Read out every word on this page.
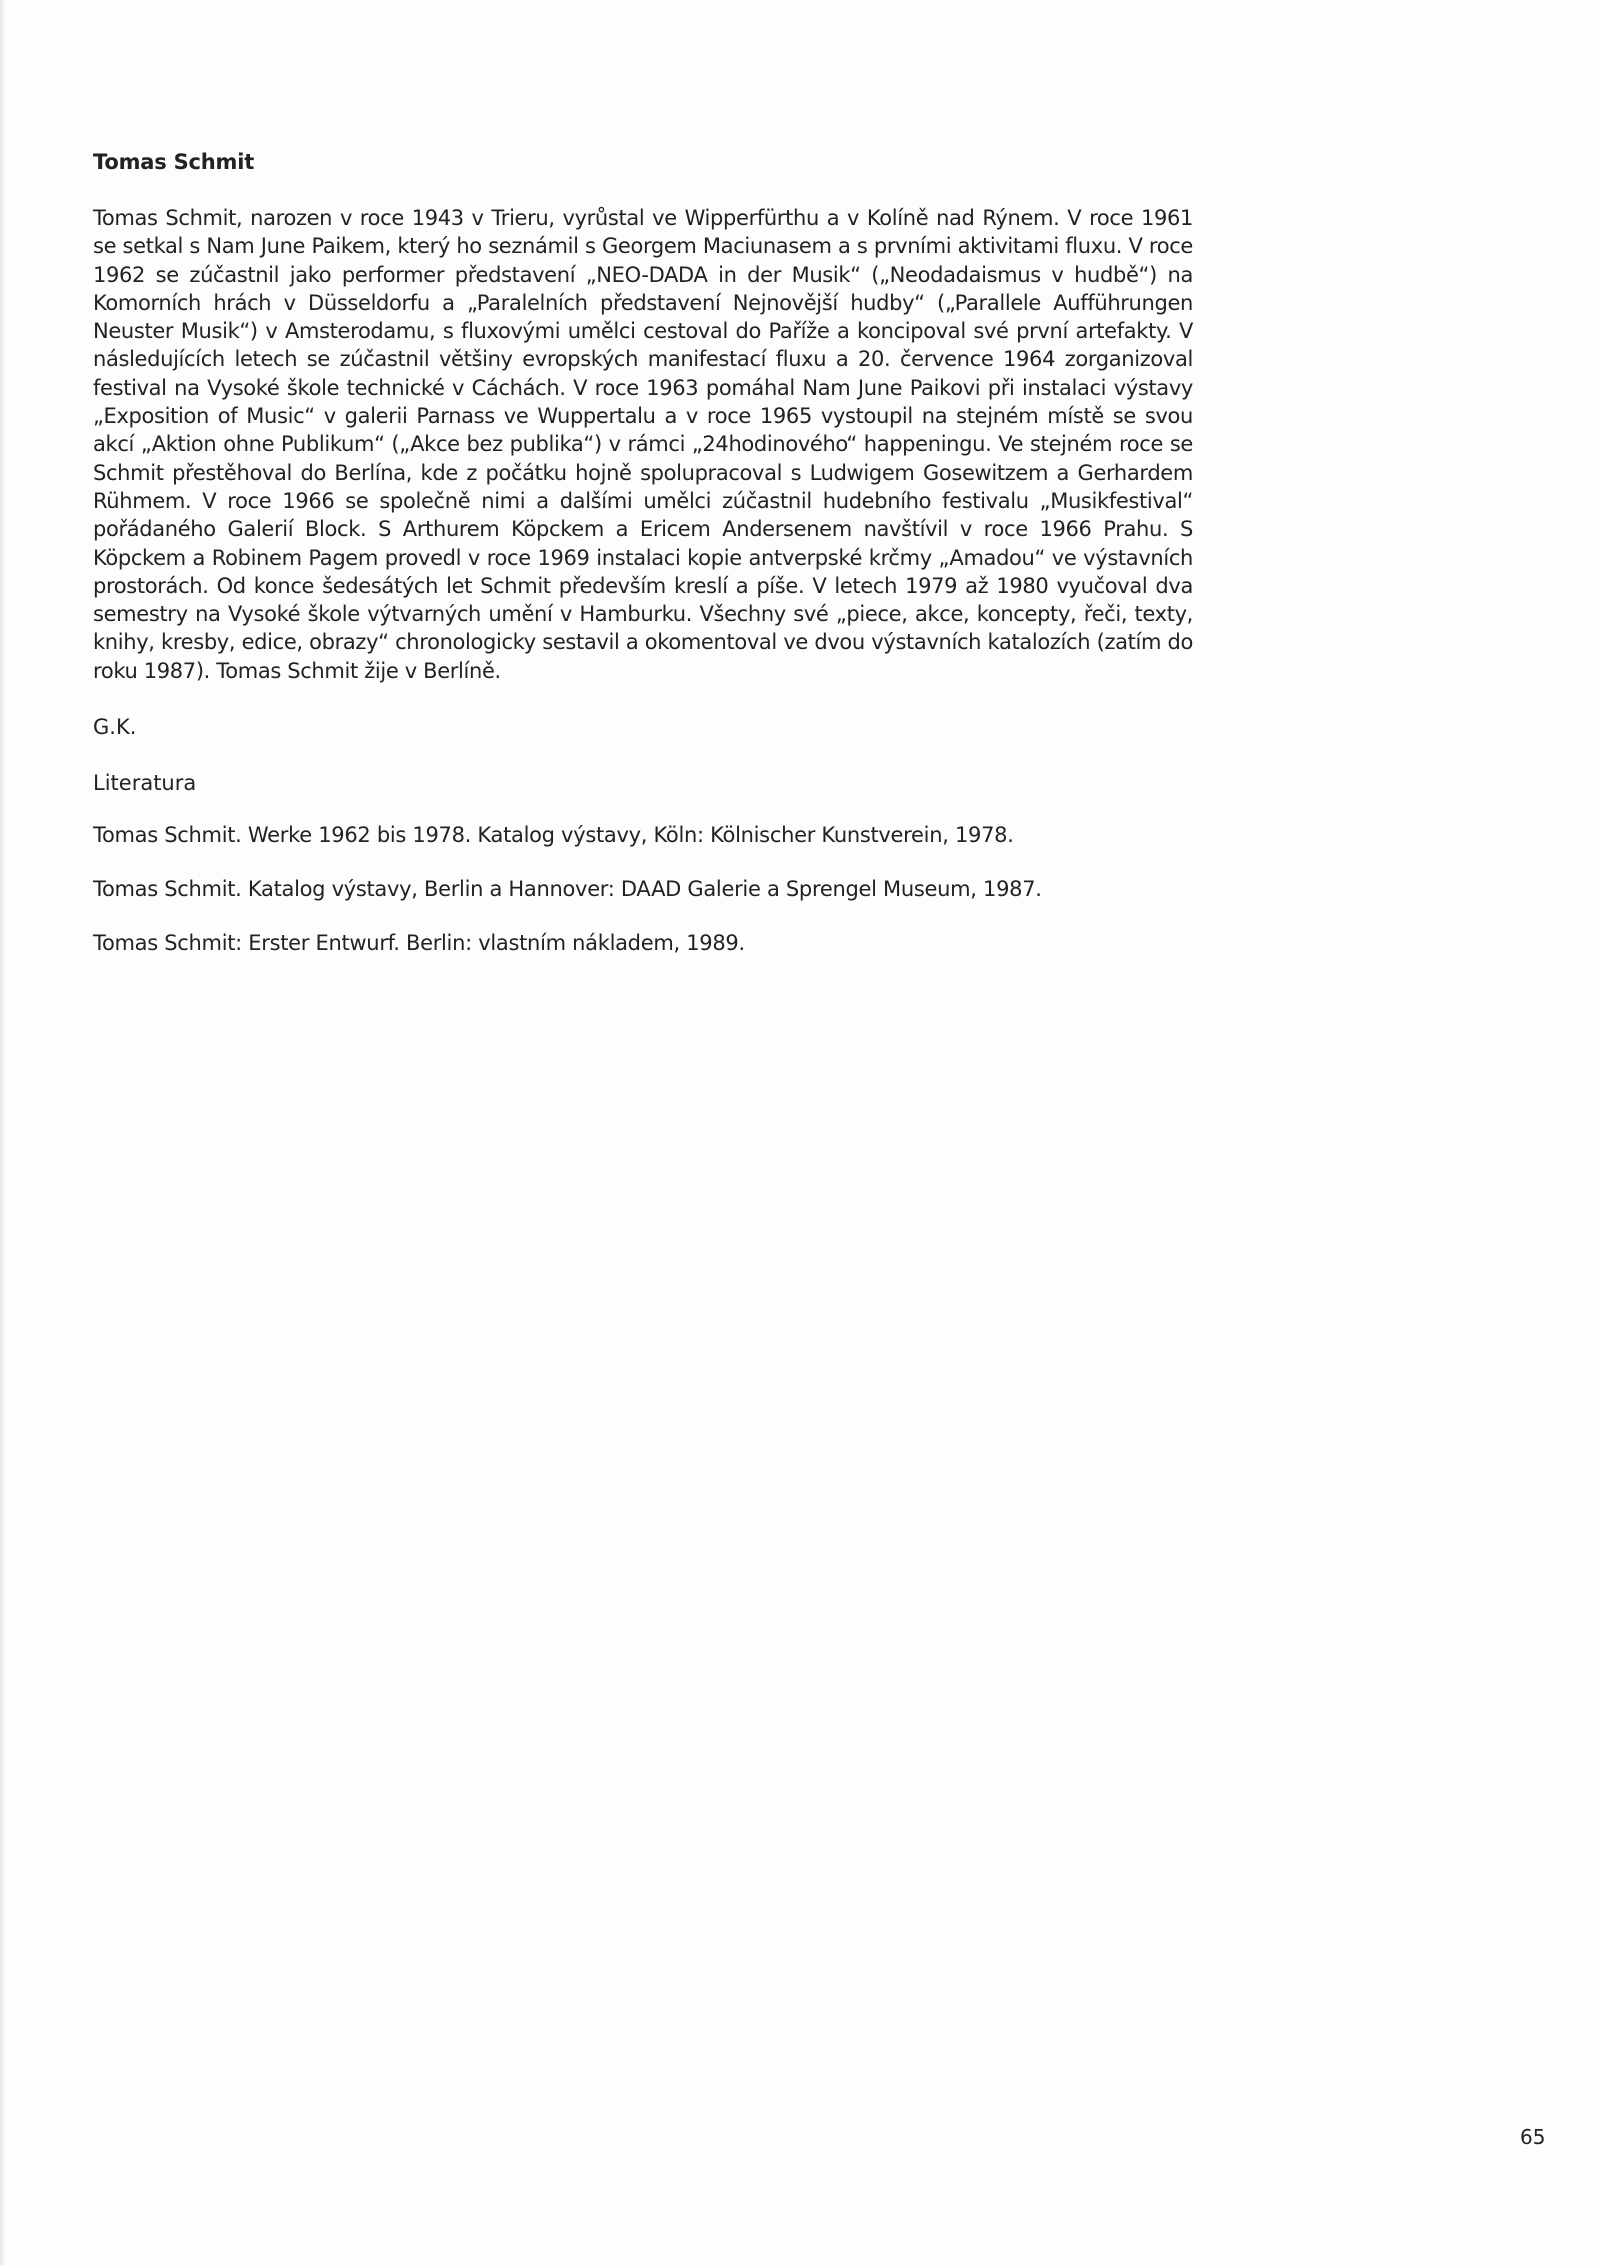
Tomas Schmit

Tomas Schmit, narozen v roce 1943 v Trieru, vyrůstal ve Wipperfürthu a v Kolíně nad Rýnem. V roce 1961 se setkal s Nam June Paikem, který ho seznámil s Georgem Maciunasem a s prvními aktivitami fluxu. V roce 1962 se zúčastnil jako performer představení „NEO-DADA in der Musik“ („Neodadaismus v hudbě“) na Komorních hrách v Düsseldorfu a „Paralelních představení Nejnovější hudby“ („Parallele Aufführungen Neuster Musik“) v Amsterodamu, s fluxovými umělci cestoval do Paříže a koncipoval své první artefakty. V následujících letech se zúčastnil většiny evropských manifestací fluxu a 20. července 1964 zorganizoval festival na Vysoké škole technické v Cáchách. V roce 1963 pomáhal Nam June Paikovi při instalaci výstavy „Exposition of Music“ v galerii Parnass ve Wuppertalu a v roce 1965 vystoupil na stejném místě se svou akcí „Aktion ohne Publikum“ („Akce bez publika“) v rámci „24hodinového“ happeningu. Ve stejném roce se Schmit přestěhoval do Berlína, kde z počátku hojně spolupracoval s Ludwigem Gosewitzem a Gerhardem Rühmem. V roce 1966 se společně nimi a dalšími umělci zúčastnil hudebního festivalu „Musikfestival“ pořádaného Galerií Block. S Arthurem Köpckem a Ericem Andersenem navštívil v roce 1966 Prahu. S Köpckem a Robinem Pagem provedl v roce 1969 instalaci kopie antverpské krčmy „Amadou“ ve výstavních prostorách. Od konce šedesátých let Schmit především kreslí a píše. V letech 1979 až 1980 vyučoval dva semestry na Vysoké škole výtvarných umění v Hamburku. Všechny své „piece, akce, koncepty, řeči, texty, knihy, kresby, edice, obrazy“ chronologicky sestavil a okomentoval ve dvou výstavních katalozích (zatím do roku 1987). Tomas Schmit žije v Berlíně.

G.K.

Literatura

Tomas Schmit. Werke 1962 bis 1978. Katalog výstavy, Köln: Kölnischer Kunstverein, 1978.
Tomas Schmit. Katalog výstavy, Berlin a Hannover: DAAD Galerie a Sprengel Museum, 1987.
Tomas Schmit: Erster Entwurf. Berlin: vlastním nákladem, 1989.
65
